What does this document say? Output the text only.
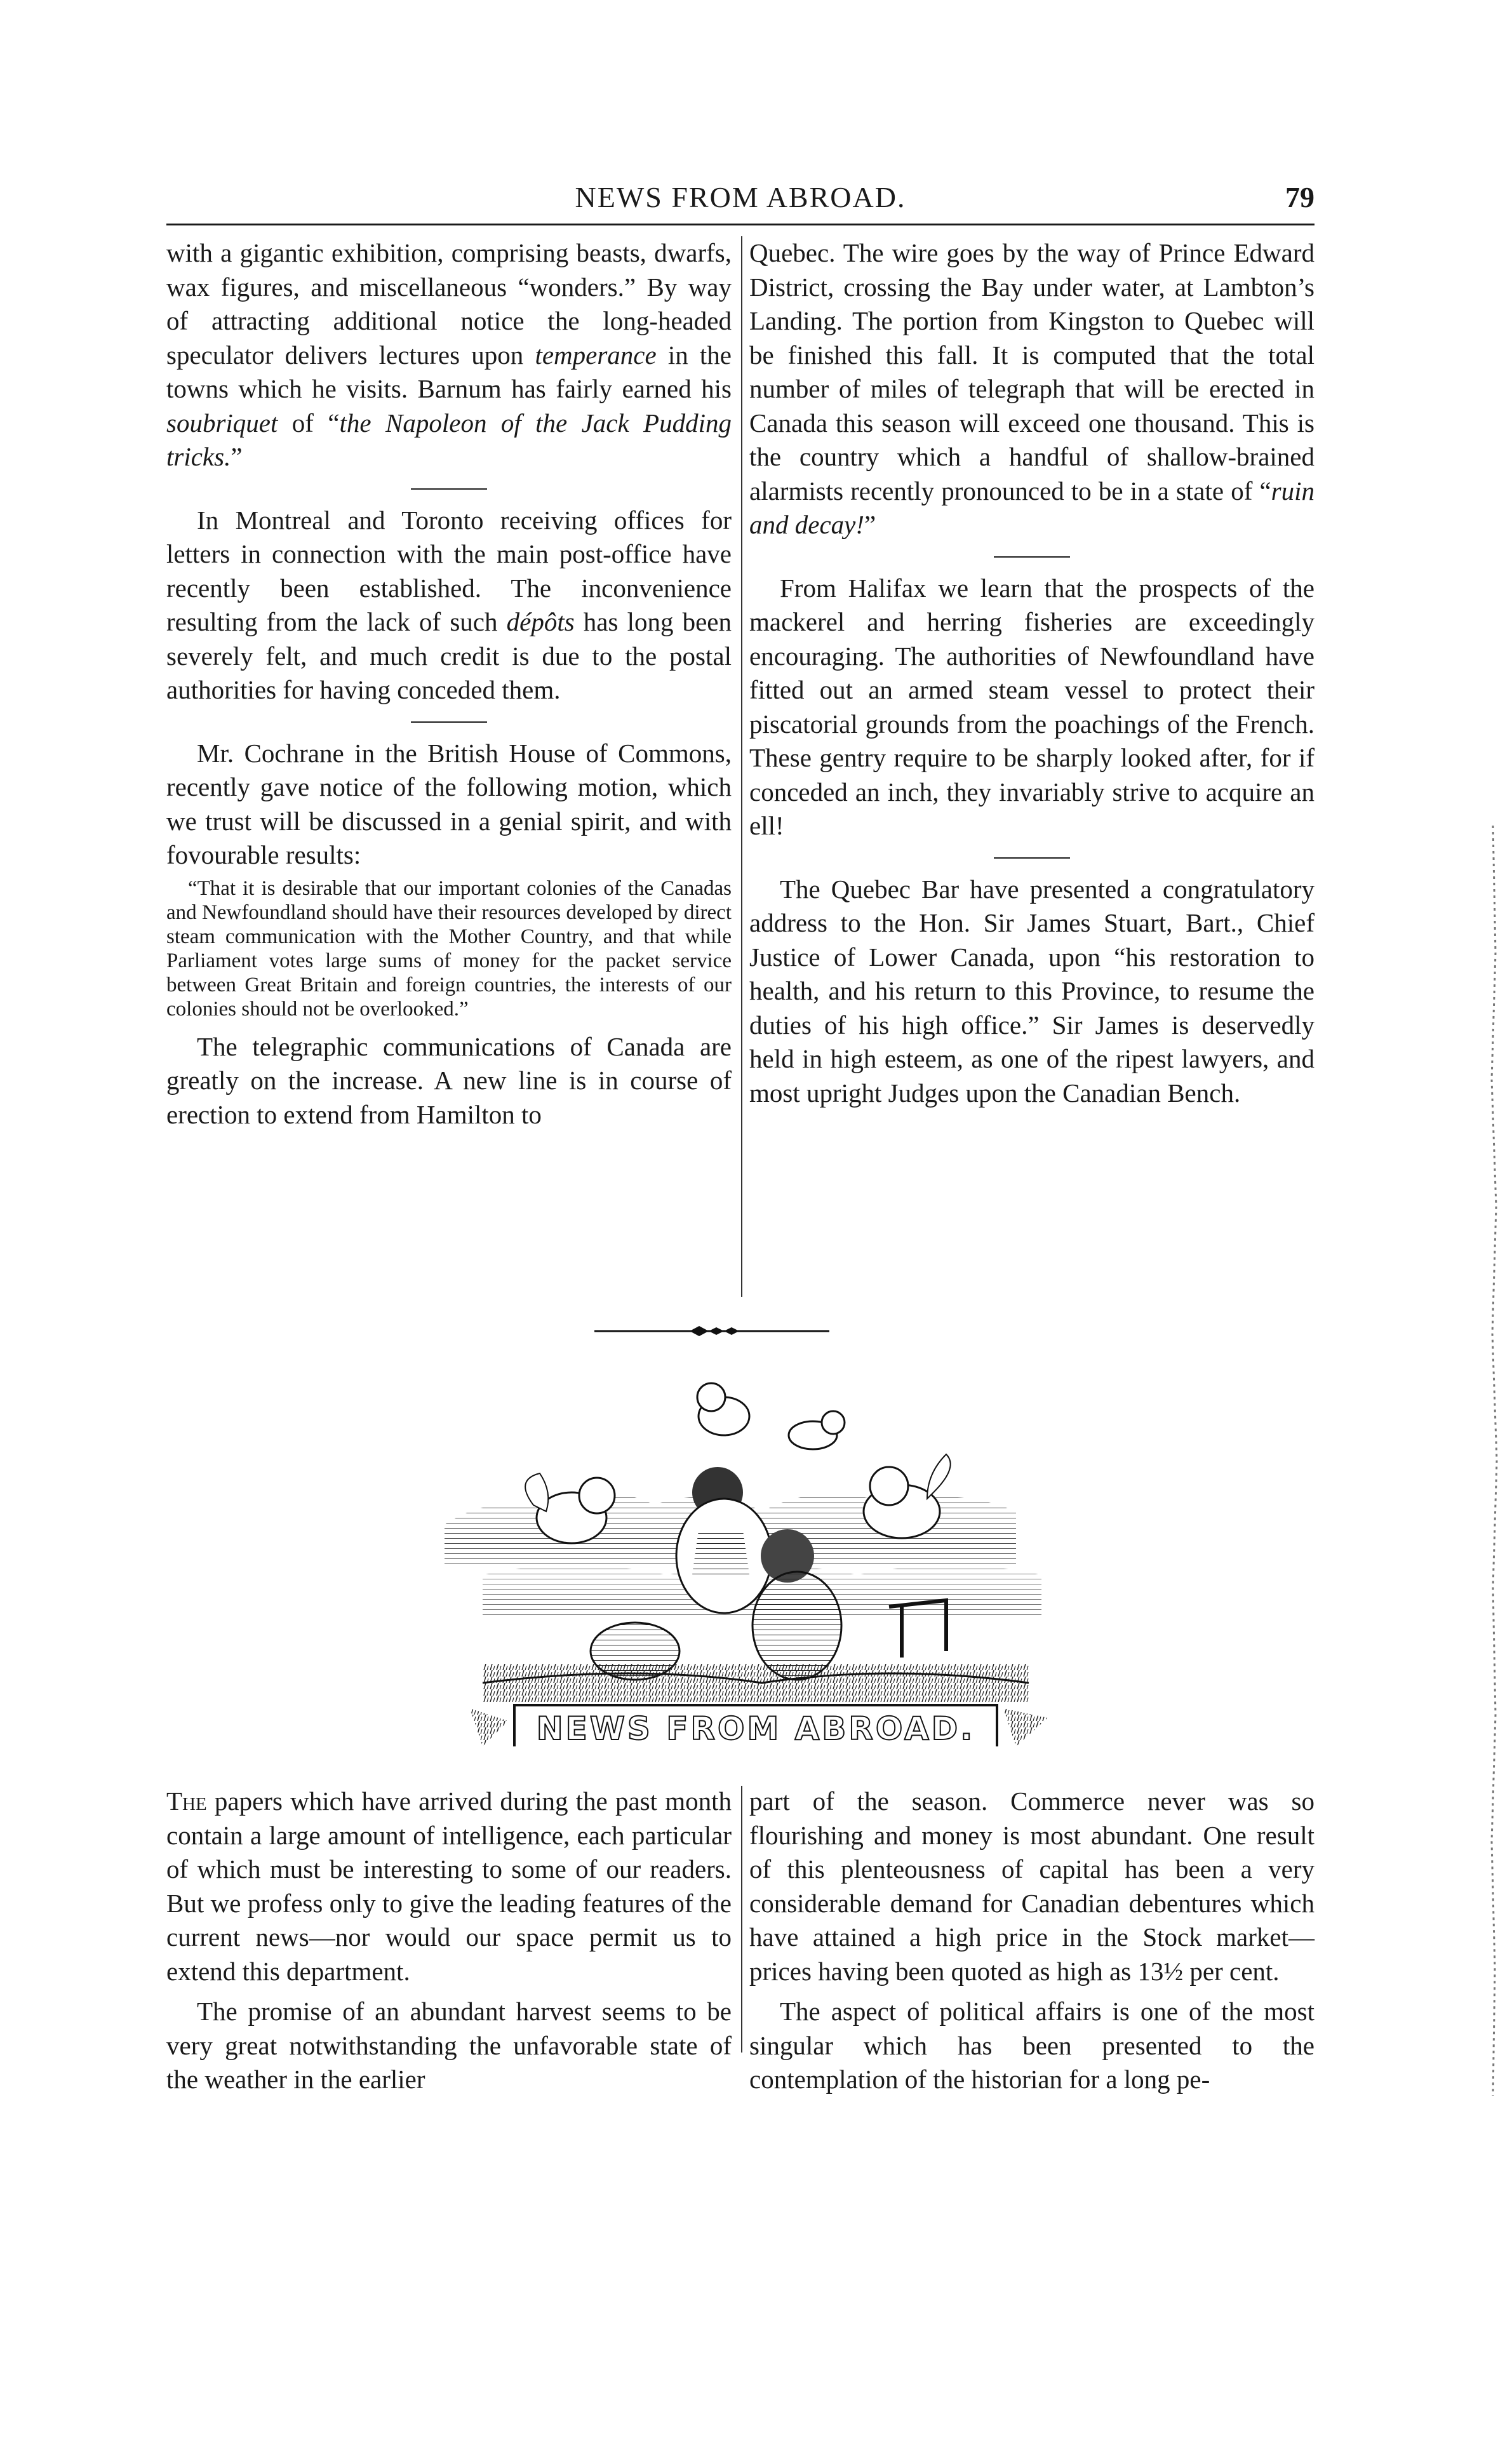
NEWS FROM ABROAD.	79

with a gigantic exhibition, comprising beasts, dwarfs, wax figures, and miscellaneous “wonders.” By way of attracting additional notice the long-headed speculator delivers lectures upon temperance in the towns which he visits. Barnum has fairly earned his soubriquet of “the Napoleon of the Jack Pudding tricks.”

In Montreal and Toronto receiving offices for letters in connection with the main post-office have recently been established. The inconvenience resulting from the lack of such dépôts has long been severely felt, and much credit is due to the postal authorities for having conceded them.

Mr. Cochrane in the British House of Commons, recently gave notice of the following motion, which we trust will be discussed in a genial spirit, and with fovourable results:

“That it is desirable that our important colonies of the Canadas and Newfoundland should have their resources developed by direct steam communication with the Mother Country, and that while Parliament votes large sums of money for the packet service between Great Britain and foreign countries, the interests of our colonies should not be overlooked.”

The telegraphic communications of Canada are greatly on the increase. A new line is in course of erection to extend from Hamilton to

Quebec. The wire goes by the way of Prince Edward District, crossing the Bay under water, at Lambton’s Landing. The portion from Kingston to Quebec will be finished this fall. It is computed that the total number of miles of telegraph that will be erected in Canada this season will exceed one thousand. This is the country which a handful of shallow-brained alarmists recently pronounced to be in a state of “ruin and decay!”

From Halifax we learn that the prospects of the mackerel and herring fisheries are exceedingly encouraging. The authorities of Newfoundland have fitted out an armed steam vessel to protect their piscatorial grounds from the poachings of the French. These gentry require to be sharply looked after, for if conceded an inch, they invariably strive to acquire an ell!

The Quebec Bar have presented a congratulatory address to the Hon. Sir James Stuart, Bart., Chief Justice of Lower Canada, upon “his restoration to health, and his return to this Province, to resume the duties of his high office.” Sir James is deservedly held in high esteem, as one of the ripest lawyers, and most upright Judges upon the Canadian Bench.

NEWS FROM ABROAD.

The papers which have arrived during the past month contain a large amount of intelligence, each particular of which must be interesting to some of our readers. But we profess only to give the leading features of the current news—nor would our space permit us to extend this department.

The promise of an abundant harvest seems to be very great notwithstanding the unfavorable state of the weather in the earlier

part of the season. Commerce never was so flourishing and money is most abundant. One result of this plenteousness of capital has been a very considerable demand for Canadian debentures which have attained a high price in the Stock market—prices having been quoted as high as 13½ per cent.

The aspect of political affairs is one of the most singular which has been presented to the contemplation of the historian for a long pe-
